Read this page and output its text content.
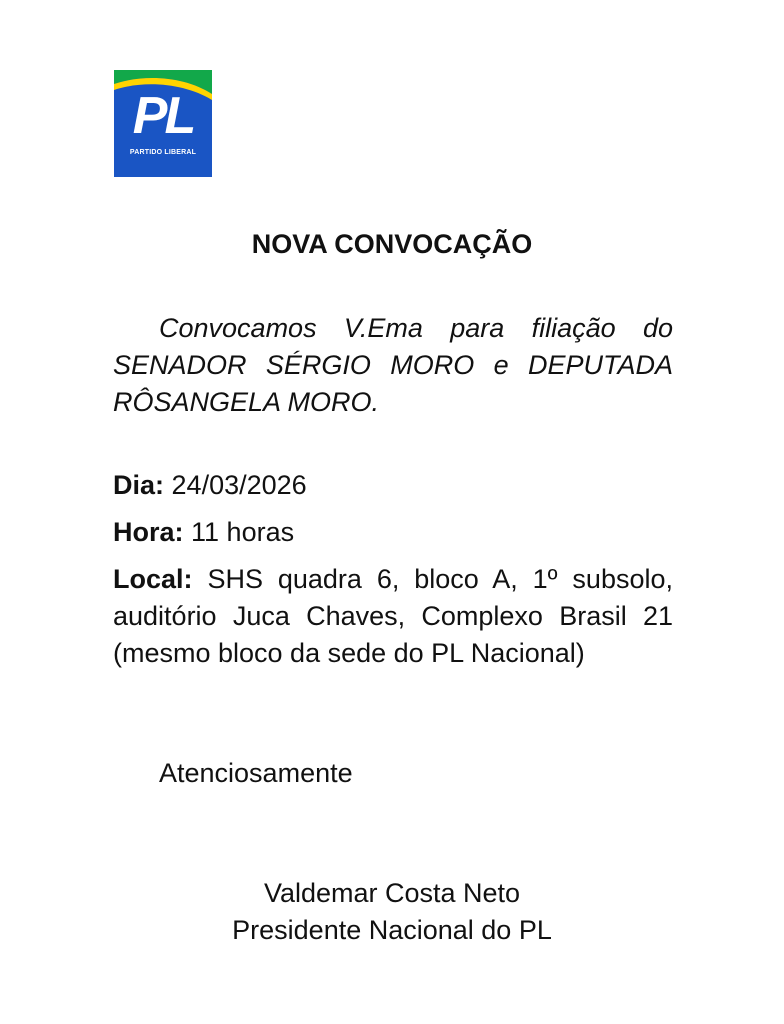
PL
PARTIDO LIBERAL
NOVA CONVOCAÇÃO
Convocamos V.Ema para filiação do SENADOR SÉRGIO MORO e DEPUTADA RÔSANGELA MORO.
Dia: 24/03/2026
Hora: 11 horas
Local: SHS quadra 6, bloco A, 1º subsolo, auditório Juca Chaves, Complexo Brasil 21 (mesmo bloco da sede do PL Nacional)
Atenciosamente
Valdemar Costa Neto
Presidente Nacional do PL
